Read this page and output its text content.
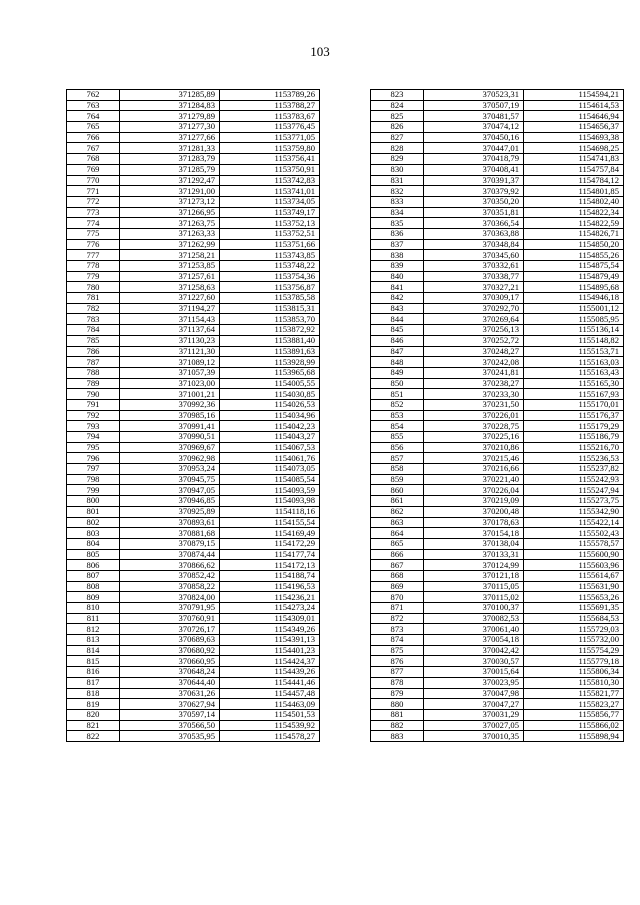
103
762	371285,89	1153789,26
763	371284,83	1153788,27
764	371279,89	1153783,67
765	371277,30	1153776,45
766	371277,66	1153771,05
767	371281,33	1153759,80
768	371283,79	1153756,41
769	371285,79	1153750,91
770	371292,47	1153742,83
771	371291,00	1153741,01
772	371273,12	1153734,05
773	371266,95	1153749,17
774	371263,75	1153752,13
775	371263,33	1153752,51
776	371262,99	1153751,66
777	371258,21	1153743,85
778	371253,85	1153748,22
779	371257,61	1153754,36
780	371258,63	1153756,87
781	371227,60	1153785,58
782	371194,27	1153815,31
783	371154,43	1153853,70
784	371137,64	1153872,92
785	371130,23	1153881,40
786	371121,30	1153891,63
787	371089,12	1153928,99
788	371057,39	1153965,68
789	371023,00	1154005,55
790	371001,21	1154030,85
791	370992,36	1154026,53
792	370985,16	1154034,96
793	370991,41	1154042,23
794	370990,51	1154043,27
795	370969,67	1154067,53
796	370962,98	1154061,76
797	370953,24	1154073,05
798	370945,75	1154085,54
799	370947,05	1154093,59
800	370946,85	1154093,98
801	370925,89	1154118,16
802	370893,61	1154155,54
803	370881,68	1154169,49
804	370879,15	1154172,29
805	370874,44	1154177,74
806	370866,62	1154172,13
807	370852,42	1154188,74
808	370858,22	1154196,53
809	370824,00	1154236,21
810	370791,95	1154273,24
811	370760,91	1154309,01
812	370726,17	1154349,26
813	370689,63	1154391,13
814	370680,92	1154401,23
815	370660,95	1154424,37
816	370648,24	1154439,26
817	370644,40	1154441,46
818	370631,26	1154457,48
819	370627,94	1154463,09
820	370597,14	1154501,53
821	370566,50	1154539,92
822	370535,95	1154578,27
823	370523,31	1154594,21
824	370507,19	1154614,53
825	370481,57	1154646,94
826	370474,12	1154656,37
827	370450,16	1154693,38
828	370447,01	1154698,25
829	370418,79	1154741,83
830	370408,41	1154757,84
831	370391,37	1154784,12
832	370379,92	1154801,85
833	370350,20	1154802,40
834	370351,81	1154822,34
835	370366,54	1154822,59
836	370363,88	1154826,71
837	370348,84	1154850,20
838	370345,60	1154855,26
839	370332,61	1154875,54
840	370338,77	1154879,49
841	370327,21	1154895,68
842	370309,17	1154946,18
843	370292,70	1155001,12
844	370269,64	1155085,95
845	370256,13	1155136,14
846	370252,72	1155148,82
847	370248,27	1155153,71
848	370242,08	1155163,03
849	370241,81	1155163,43
850	370238,27	1155165,30
851	370233,30	1155167,93
852	370231,50	1155170,01
853	370226,01	1155176,37
854	370228,75	1155179,29
855	370225,16	1155186,79
856	370210,86	1155216,70
857	370215,46	1155236,53
858	370216,66	1155237,82
859	370221,40	1155242,93
860	370226,04	1155247,94
861	370219,09	1155273,75
862	370200,48	1155342,90
863	370178,63	1155422,14
864	370154,18	1155502,43
865	370138,04	1155578,57
866	370133,31	1155600,90
867	370124,99	1155603,96
868	370121,18	1155614,67
869	370115,05	1155631,90
870	370115,02	1155653,26
871	370100,37	1155691,35
872	370082,53	1155684,53
873	370061,40	1155729,03
874	370054,18	1155732,00
875	370042,42	1155754,29
876	370030,57	1155779,18
877	370015,64	1155806,34
878	370023,95	1155810,30
879	370047,98	1155821,77
880	370047,27	1155823,27
881	370031,29	1155856,77
882	370027,05	1155866,02
883	370010,35	1155898,94
